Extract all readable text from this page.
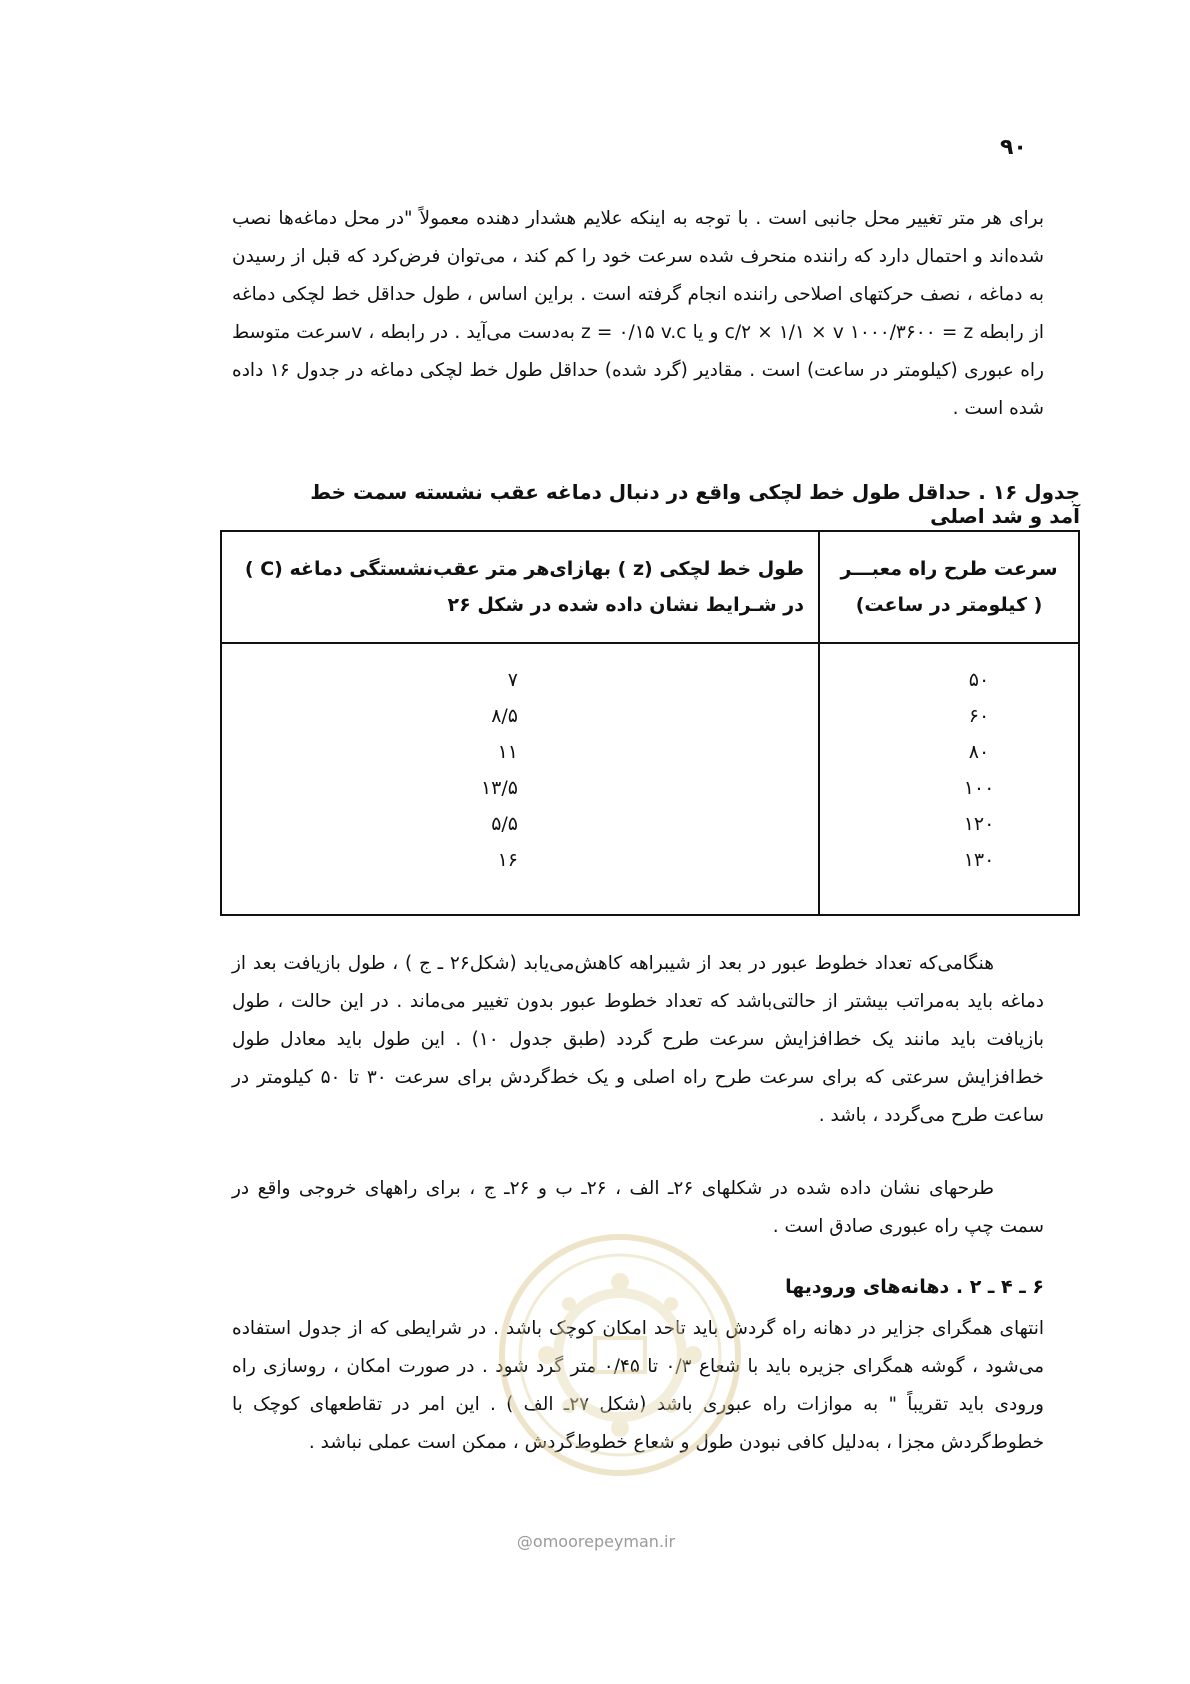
۹۰

برای هر متر تغییر محل جانبی است . با توجه به اینکه علایم هشدار دهنده معمولاً "در محل دماغه‌ها نصب شده‌اند و احتمال دارد که راننده منحرف شده سرعت خود را کم کند ، می‌توان فرض‌کرد که قبل از رسیدن به دماغه ، نصف حرکتهای اصلاحی راننده انجام گرفته است . براین اساس ، طول حداقل خط لچکی دماغه از رابطه c/۲ × ۱/۱ × v ۱۰۰۰/۳۶۰۰ = z و یا z = ۰/۱۵ v.c به‌دست می‌آید . در رابطه ، vسرعت متوسط راه عبوری (کیلومتر در ساعت) است . مقادیر (گرد شده) حداقل طول خط لچکی دماغه در جدول ۱۶ داده شده است .

جدول ۱۶ . حداقل طول خط لچکی واقع در دنبال دماغه عقب نشسته سمت خط آمد و شد اصلی

سرعت طرح راه معبـــر ( کیلومتر در ساعت)	طول خط لچکی (z ) بهازای‌هر متر عقب‌نشستگی دماغه (C ) در شـرایط نشان داده شده در شکل ۲۶
۵۰	۷
۶۰	۸/۵
۸۰	۱۱
۱۰۰	۱۳/۵
۱۲۰	۵/۵
۱۳۰	۱۶

هنگامی‌که تعداد خطوط عبور در بعد از شیبراهه کاهش‌می‌یابد (شکل۲۶ ـ ج ) ، طول بازیافت بعد از دماغه باید به‌مراتب بیشتر از حالتی‌باشد که تعداد خطوط عبور بدون تغییر می‌ماند . در این حالت ، طول بازیافت باید مانند یک خط‌افزایش سرعت طرح گردد (طبق جدول ۱۰) . این طول باید معادل طول خط‌افزایش سرعتی که برای سرعت طرح راه اصلی و یک خط‌گردش برای سرعت ۳۰ تا ۵۰ کیلومتر در ساعت طرح می‌گردد ، باشد .

طرحهای نشان داده شده در شکلهای ۲۶ـ الف ، ۲۶ـ ب و ۲۶ـ ج ، برای راههای خروجی واقع در سمت چپ راه عبوری صادق است .

۶ ـ ۴ ـ ۲ . دهانه‌های ورودیها

انتهای همگرای جزایر در دهانه راه گردش باید تاحد امکان کوچک باشد . در شرایطی که از جدول استفاده می‌شود ، گوشه همگرای جزیره باید با شعاع ۰/۳ تا ۰/۴۵ متر گرد شود . در صورت امکان ، روسازی راه ورودی باید تقریباً " به موازات راه عبوری باشد (شکل ۲۷ـ الف ) . این امر در تقاطعهای کوچک با خطوط‌گردش مجزا ، به‌دلیل کافی نبودن طول و شعاع خطوط‌گردش ، ممکن است عملی نباشد .

@omoorepeyman.ir
